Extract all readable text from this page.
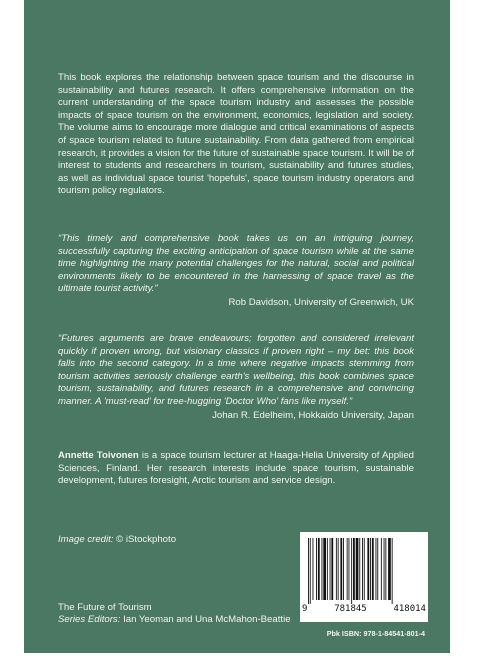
This book explores the relationship between space tourism and the discourse in sustainability and futures research. It offers comprehensive information on the current understanding of the space tourism industry and assesses the possible impacts of space tourism on the environment, economics, legislation and society. The volume aims to encourage more dialogue and critical examinations of aspects of space tourism related to future sustainability. From data gathered from empirical research, it provides a vision for the future of sustainable space tourism. It will be of interest to students and researchers in tourism, sustainability and futures studies, as well as individual space tourist 'hopefuls', space tourism industry operators and tourism policy regulators.
“This timely and comprehensive book takes us on an intriguing journey, successfully capturing the exciting anticipation of space tourism while at the same time highlighting the many potential challenges for the natural, social and political environments likely to be encountered in the harnessing of space travel as the ultimate tourist activity.”
Rob Davidson, University of Greenwich, UK
“Futures arguments are brave endeavours; forgotten and considered irrelevant quickly if proven wrong, but visionary classics if proven right – my bet: this book falls into the second category. In a time where negative impacts stemming from tourism activities seriously challenge earth's wellbeing, this book combines space tourism, sustainability, and futures research in a comprehensive and convincing manner. A 'must-read' for tree-hugging 'Doctor Who' fans like myself.”
Johan R. Edelheim, Hokkaido University, Japan
Annette Toivonen is a space tourism lecturer at Haaga-Helia University of Applied Sciences, Finland. Her research interests include space tourism, sustainable development, futures foresight, Arctic tourism and service design.
Image credit: © iStockphoto
The Future of Tourism
Series Editors: Ian Yeoman and Una McMahon-Beattie
9	781845	418014
Pbk ISBN: 978-1-84541-801-4
